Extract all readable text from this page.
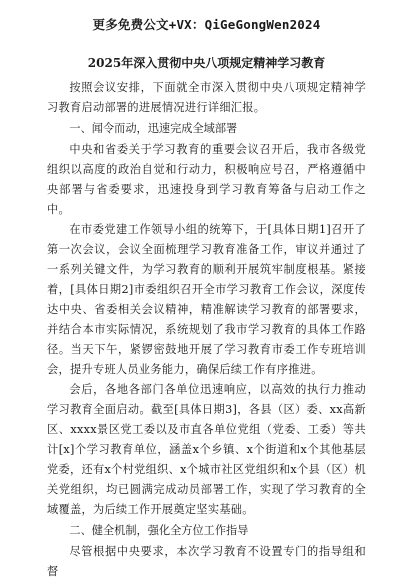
更多免费公文+VX：QiGeGongWen2024
2025年深入贯彻中央八项规定精神学习教育

按照会议安排，下面就全市深入贯彻中央八项规定精神学习教育启动部署的进展情况进行详细汇报。

一、闻令而动，迅速完成全域部署

中央和省委关于学习教育的重要会议召开后，我市各级党组织以高度的政治自觉和行动力，积极响应号召，严格遵循中央部署与省委要求，迅速投身到学习教育筹备与启动工作之中。

在市委党建工作领导小组的统筹下，于[具体日期1]召开了第一次会议，会议全面梳理学习教育准备工作，审议并通过了一系列关键文件，为学习教育的顺利开展筑牢制度根基。紧接着，[具体日期2]市委组织召开全市学习教育工作会议，深度传达中央、省委相关会议精神，精准解读学习教育的部署要求，并结合本市实际情况，系统规划了我市学习教育的具体工作路径。当天下午，紧锣密鼓地开展了学习教育市委工作专班培训会，提升专班人员业务能力，确保后续工作有序推进。

会后，各地各部门各单位迅速响应，以高效的执行力推动学习教育全面启动。截至[具体日期3]，各县（区）委、xx高新区、xxxx景区党工委以及市直各单位党组（党委、工委）等共计[x]个学习教育单位，涵盖x个乡镇、x个街道和x个其他基层党委，还有x个村党组织、x个城市社区党组织和x个县（区）机关党组织，均已圆满完成动员部署工作，实现了学习教育的全域覆盖，为后续工作开展奠定坚实基础。

二、健全机制，强化全方位工作指导

尽管根据中央要求，本次学习教育不设置专门的指导组和督
